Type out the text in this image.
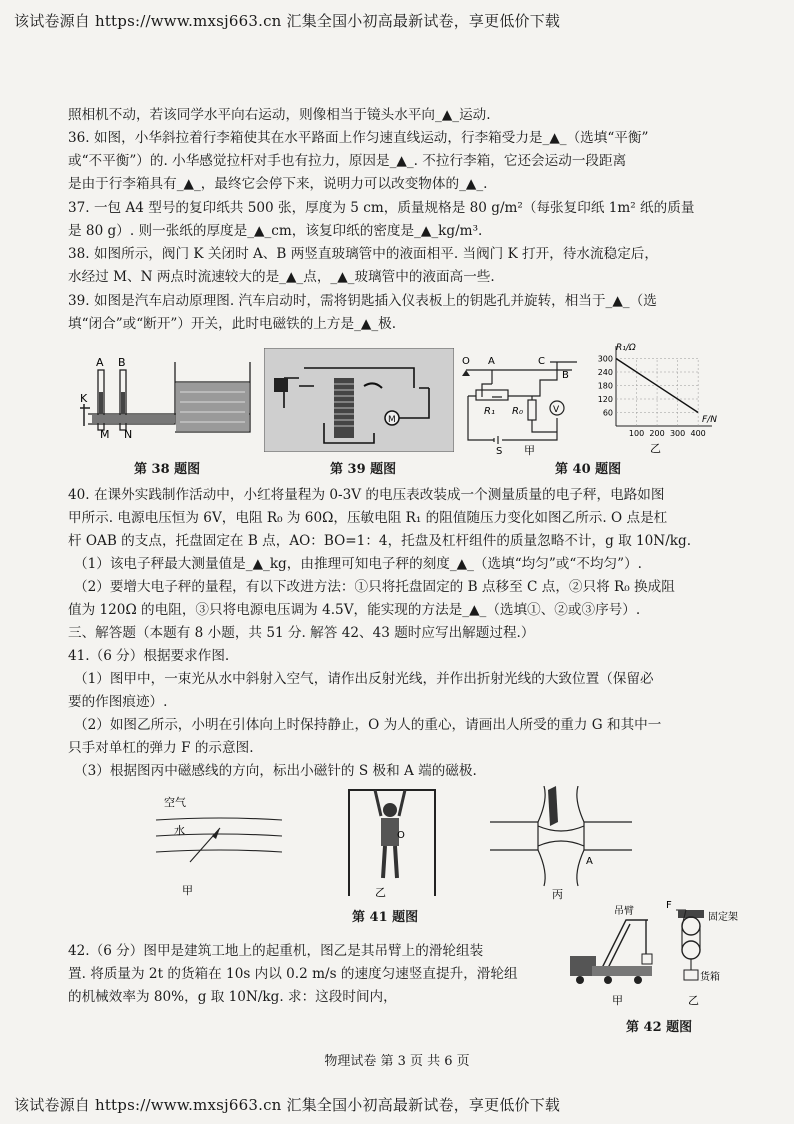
该试卷源自 https://www.mxsj663.cn 汇集全国小初高最新试卷，享更低价下载
照相机不动，若该同学水平向右运动，则像相当于镜头水平向_▲_运动.
36. 如图，小华斜拉着行李箱使其在水平路面上作匀速直线运动，行李箱受力是_▲_（选填“平衡”
或“不平衡”）的. 小华感觉拉杆对手也有拉力，原因是_▲_. 不拉行李箱，它还会运动一段距离
是由于行李箱具有_▲_，最终它会停下来，说明力可以改变物体的_▲_.
37. 一包 A4 型号的复印纸共 500 张，厚度为 5 cm，质量规格是 80 g/m²（每张复印纸 1m² 纸的质量
是 80 g）. 则一张纸的厚度是_▲_cm，该复印纸的密度是_▲_kg/m³.
38. 如图所示，阀门 K 关闭时 A、B 两竖直玻璃管中的液面相平. 当阀门 K 打开，待水流稳定后，
水经过 M、N 两点时流速较大的是_▲_点，_▲_玻璃管中的液面高一些.
39. 如图是汽车启动原理图. 汽车启动时，需将钥匙插入仪表板上的钥匙孔并旋转，相当于_▲_（选
填“闭合”或“断开”）开关，此时电磁铁的上方是_▲_极.
A B
K
M N
第 38 题图
M
第 39 题图
O A	C
B
R₁ R₀	V
S 甲
300
240
180
120
60
100 200 300 400
R₁/Ω
F/N
乙
第 40 题图
40. 在课外实践制作活动中，小红将量程为 0-3V 的电压表改装成一个测量质量的电子秤，电路如图
甲所示. 电源电压恒为 6V，电阻 R₀ 为 60Ω，压敏电阻 R₁ 的阻值随压力变化如图乙所示. O 点是杠
杆 OAB 的支点，托盘固定在 B 点，AO：BO=1：4，托盘及杠杆组件的质量忽略不计，g 取 10N/kg.
（1）该电子秤最大测量值是_▲_kg，由推理可知电子秤的刻度_▲_（选填“均匀”或“不均匀”）.
（2）要增大电子秤的量程，有以下改进方法：①只将托盘固定的 B 点移至 C 点，②只将 R₀ 换成阻
值为 120Ω 的电阻，③只将电源电压调为 4.5V，能实现的方法是_▲_（选填①、②或③序号）.
三、解答题（本题有 8 小题，共 51 分. 解答 42、43 题时应写出解题过程.）
41.（6 分）根据要求作图.
（1）图甲中，一束光从水中斜射入空气，请作出反射光线，并作出折射光线的大致位置（保留必
要的作图痕迹）.
（2）如图乙所示，小明在引体向上时保持静止，O 为人的重心，请画出人所受的重力 G 和其中一
只手对单杠的弹力 F 的示意图.
（3）根据图丙中磁感线的方向，标出小磁针的 S 极和 A 端的磁极.
空气
水
甲
O
乙
A
丙
第 41 题图
42.（6 分）图甲是建筑工地上的起重机，图乙是其吊臂上的滑轮组装
置. 将质量为 2t 的货箱在 10s 内以 0.2 m/s 的速度匀速竖直提升，滑轮组
的机械效率为 80%，g 取 10N/kg. 求：这段时间内，
吊臂
甲
F
固定架
货箱
乙
第 42 题图
物理试卷 第 3 页 共 6 页
该试卷源自 https://www.mxsj663.cn 汇集全国小初高最新试卷，享更低价下载
